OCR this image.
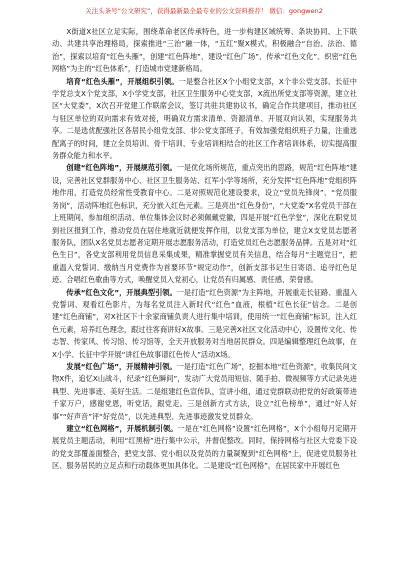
关注头条号“公文研究”，获得最新最全最专业的公文资料推荐！ 微信：gongwen2

X街道X社区立足实际，围绕革命老区传承特色，进一步构建区域统筹、条块协同、上下联动、共建共享治理格局，探索推进“三治”融一体，“五红”聚X模式，积极融合“自治、法治、德治”，探索以培育“红色头雁”，创建“红色阵地”、建设“红色广场”、传承“红色文化”、织密“红色网格”为主的“红色体系”，打造城市党建新格局。

培育“红色头雁”，开展组织引领。一是整合社区X个小组党支部，X个非公党支部、长征中学党总支X个党支部，X小学党支部，社区卫生服务中心党支部，X流出所党支部等资源，建立社区“大党委”，X次召开党建工作联席会议，签订共驻共建协议书，确定合作共建项目，推动社区与驻区单位的双向需求有效对接，明确双方需求清单、资源清单、开展双向认领，实现服务共享。二是选优配强社区各居民小组党支部、非公党支部班子，有效加强党组织班子力量，注重选配离子的时间，建立全员培训、骨干培训、专业培训相结合的社区工作者培训体系，切实提高服务群众能力和水平。

创建“红色阵地”，开展规范引领。一是优化场所规范，重点突出的思路，规范“红色阵地”建设，完善社区党群服务中心、社区卫生服务站、红军小学等场所，充分发挥“红色阵地”党组织阵地作用，打造党员经常性受教育中心。二是对照规范化建设要求，设立“党员先锋岗”、“党员服务岗”，活动阵地红色标识，充分嵌入红色元素。三是亮出“红色身份”，“大党委”X名党员干部在上班期间，参加组织活动、单位集体会议时必须佩戴党徽，四是开展“红色学堂”，深化在职党员到社区报到工作，推动党员在居住地就近就便发挥作用，以党支部为单位，建立X支党员志愿者服务队，团队X名党员志愿者定期开展志愿服务活动，打造党员红色志愿服务品牌。五是对对“红色生日”，各党支部利用党员信息采集成果，精准掌握党员有关信息，结合每月“主题党日”，把重温入党誓词、缴纳当月党费作为首要环节“规定动作”，创新支部书记生日寄语、追寻红色足迹、合唱红色歌曲等方式，唤醒党员入党初心，让党员有归属感、责任感、荣誉感。

传承“红色文化”，开展典型引领。一是打造“红色资源”为主阵地，开展重走长征路、重温入党誓词、观看红色影片，为每名党员注入新时代“红色”血液，根植“红色长征”信念。二是创建“红色商铺”，对X社区下十余家商铺负责人进行集中培训，使用统一“红色商铺”标识，注入红色元素，培养红色理念，跟过往客商讲好X故事。三是完善X社区文化活动中心，设置传文化、传志智、传家风、传习馆、传习馆等，全天开放服务对当地居民群众。四是编辑整理红色故事，在X小学、长征中学开展“讲红色故事谱红色传人”活动X场。

发展“红色广场”，开展精神引领。一是打造“红色广场”，挖掘本地“红色资源”，收集民间文物X件，追忆X山战斗，纪录“红色瞬间”，发动广大党员用短信、随手拍、微视频等方式记录先进典型、先进事迹、美好生活。二是组建红色宣传队，宣讲小组，通过党群联动把党的好政策带进千家万户，感谢党恩，听党话，跟党走。三是创新方式方法，设立“红色榜单”，通过“好人好事”“好声音”评“好党员”，以先进典型、先进事迹激发党员群众。

建立“红色网格”，开展机制引领。一是在“红色网格”设置“红色网格”，X个小组每月定期开展党员主题活动，利用“红黑榜”进行集中公示，并督促整改。同时，保持网格与社区大党委下设的党支部覆盖面整合，把党支部、党小组以及党员的力量凝聚到“红色网格”上，促进党员服务社区、服务居民的立足点和行动载体更加具体化。二是建设“红色网格”，在居民家中开展红色
